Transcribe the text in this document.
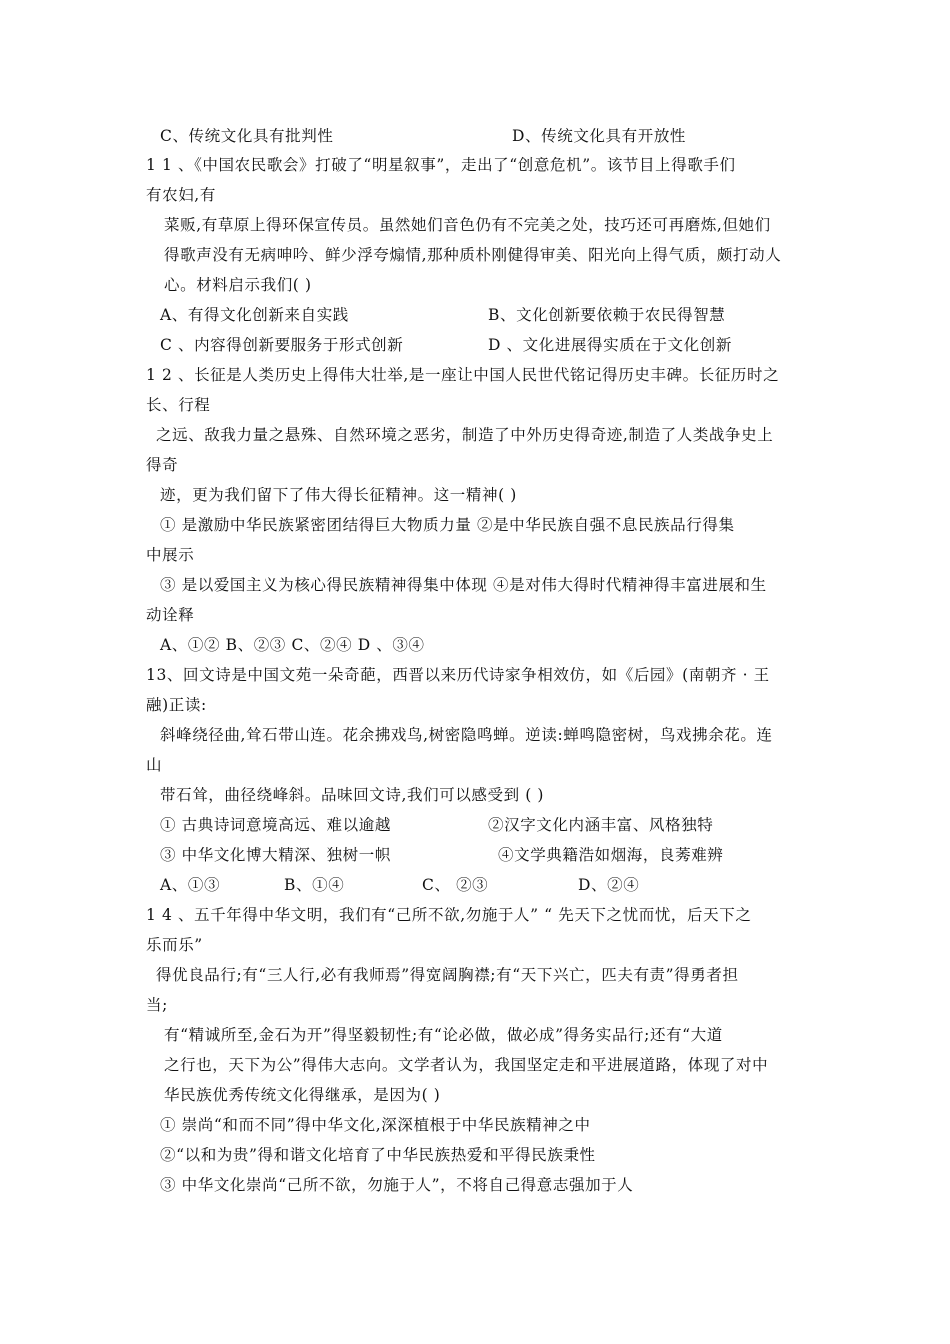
C、传统文化具有批判性	D、传统文化具有开放性
1 1 、《中国农民歌会》打破了“明星叙事”，走出了“创意危机”。该节目上得歌手们
有农妇,有
菜贩,有草原上得环保宣传员。虽然她们音色仍有不完美之处，技巧还可再磨炼,但她们
得歌声没有无病呻吟、鲜少浮夸煽情,那种质朴刚健得审美、阳光向上得气质，颇打动人
心。材料启示我们( )
A、有得文化创新来自实践	B、文化创新要依赖于农民得智慧
C 、内容得创新要服务于形式创新	D 、文化进展得实质在于文化创新
1 2 、长征是人类历史上得伟大壮举,是一座让中国人民世代铭记得历史丰碑。长征历时之
长、行程
之远、敌我力量之悬殊、自然环境之恶劣，制造了中外历史得奇迹,制造了人类战争史上
得奇
迹，更为我们留下了伟大得长征精神。这一精神( )
① 是激励中华民族紧密团结得巨大物质力量 ②是中华民族自强不息民族品行得集
中展示
③ 是以爱国主义为核心得民族精神得集中体现 ④是对伟大得时代精神得丰富进展和生
动诠释
A、①② B、②③ C、②④ D 、③④
13、回文诗是中国文苑一朵奇葩，西晋以来历代诗家争相效仿，如《后园》(南朝齐 · 王
融)正读:
斜峰绕径曲,耸石带山连。花余拂戏鸟,树密隐鸣蝉。逆读:蝉鸣隐密树，鸟戏拂余花。连
山
带石耸，曲径绕峰斜。品味回文诗,我们可以感受到 ( )
① 古典诗词意境高远、难以逾越	②汉字文化内涵丰富、风格独特
③ 中华文化博大精深、独树一帜	④文学典籍浩如烟海，良莠难辨
A、①③	B、①④	C、 ②③	D、②④
1 4 、五千年得中华文明，我们有“己所不欲,勿施于人” “ 先天下之忧而忧，后天下之
乐而乐”
得优良品行;有“三人行,必有我师焉”得宽阔胸襟;有“天下兴亡，匹夫有责”得勇者担
当;
有“精诚所至,金石为开”得坚毅韧性;有“论必做，做必成”得务实品行;还有“大道
之行也，天下为公”得伟大志向。文学者认为，我国坚定走和平进展道路，体现了对中
华民族优秀传统文化得继承，是因为( )
① 崇尚“和而不同”得中华文化,深深植根于中华民族精神之中
②“以和为贵”得和谐文化培育了中华民族热爱和平得民族秉性
③ 中华文化崇尚“己所不欲，勿施于人”，不将自己得意志强加于人
